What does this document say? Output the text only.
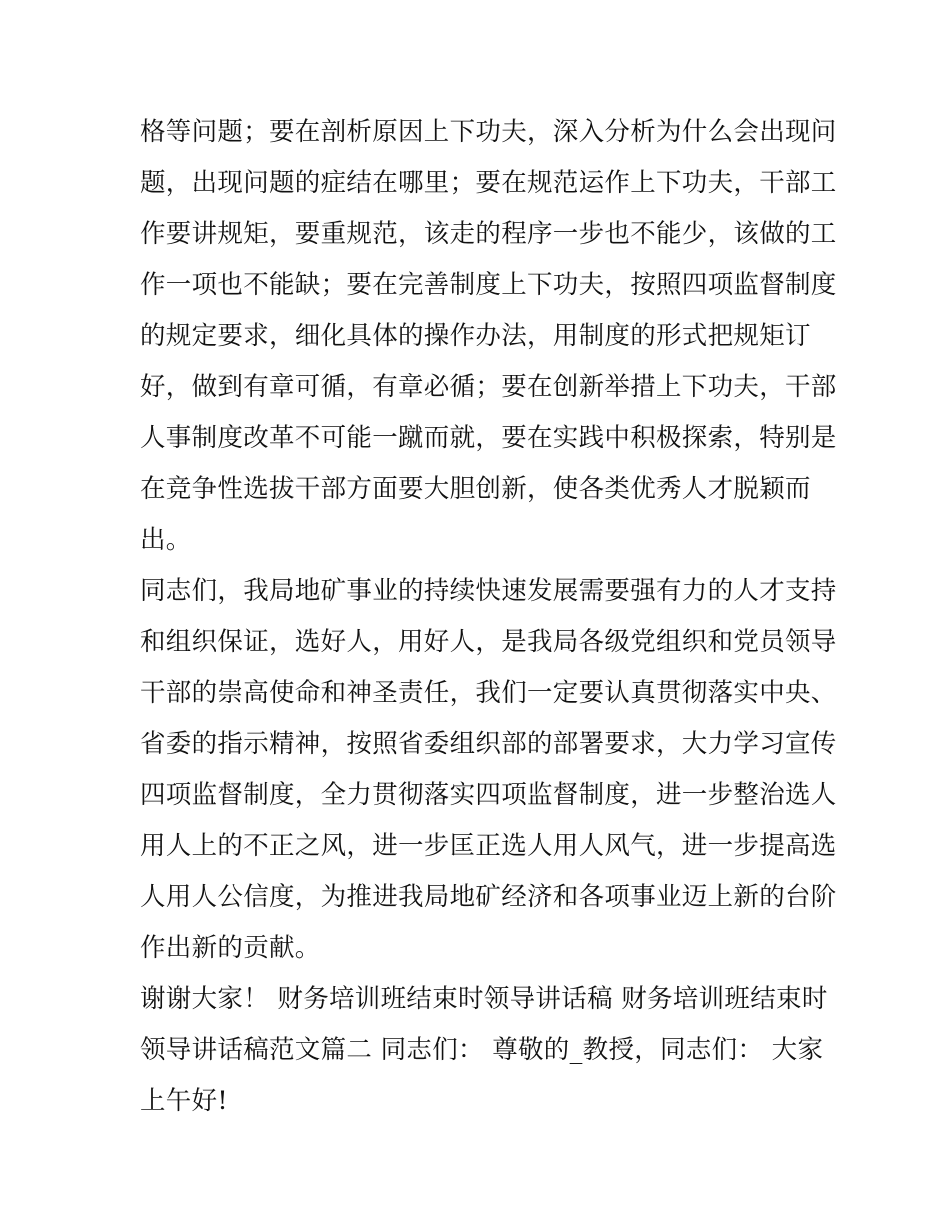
格等问题；要在剖析原因上下功夫，深入分析为什么会出现问
题，出现问题的症结在哪里；要在规范运作上下功夫，干部工
作要讲规矩，要重规范，该走的程序一步也不能少，该做的工
作一项也不能缺；要在完善制度上下功夫，按照四项监督制度
的规定要求，细化具体的操作办法，用制度的形式把规矩订
好，做到有章可循，有章必循；要在创新举措上下功夫，干部
人事制度改革不可能一蹴而就，要在实践中积极探索，特别是
在竞争性选拔干部方面要大胆创新，使各类优秀人才脱颖而
出。
同志们，我局地矿事业的持续快速发展需要强有力的人才支持
和组织保证，选好人，用好人，是我局各级党组织和党员领导
干部的崇高使命和神圣责任，我们一定要认真贯彻落实中央、
省委的指示精神，按照省委组织部的部署要求，大力学习宣传
四项监督制度，全力贯彻落实四项监督制度，进一步整治选人
用人上的不正之风，进一步匡正选人用人风气，进一步提高选
人用人公信度，为推进我局地矿经济和各项事业迈上新的台阶
作出新的贡献。
谢谢大家！ 财务培训班结束时领导讲话稿 财务培训班结束时
领导讲话稿范文篇二 同志们： 尊敬的_教授，同志们： 大家
上午好!
